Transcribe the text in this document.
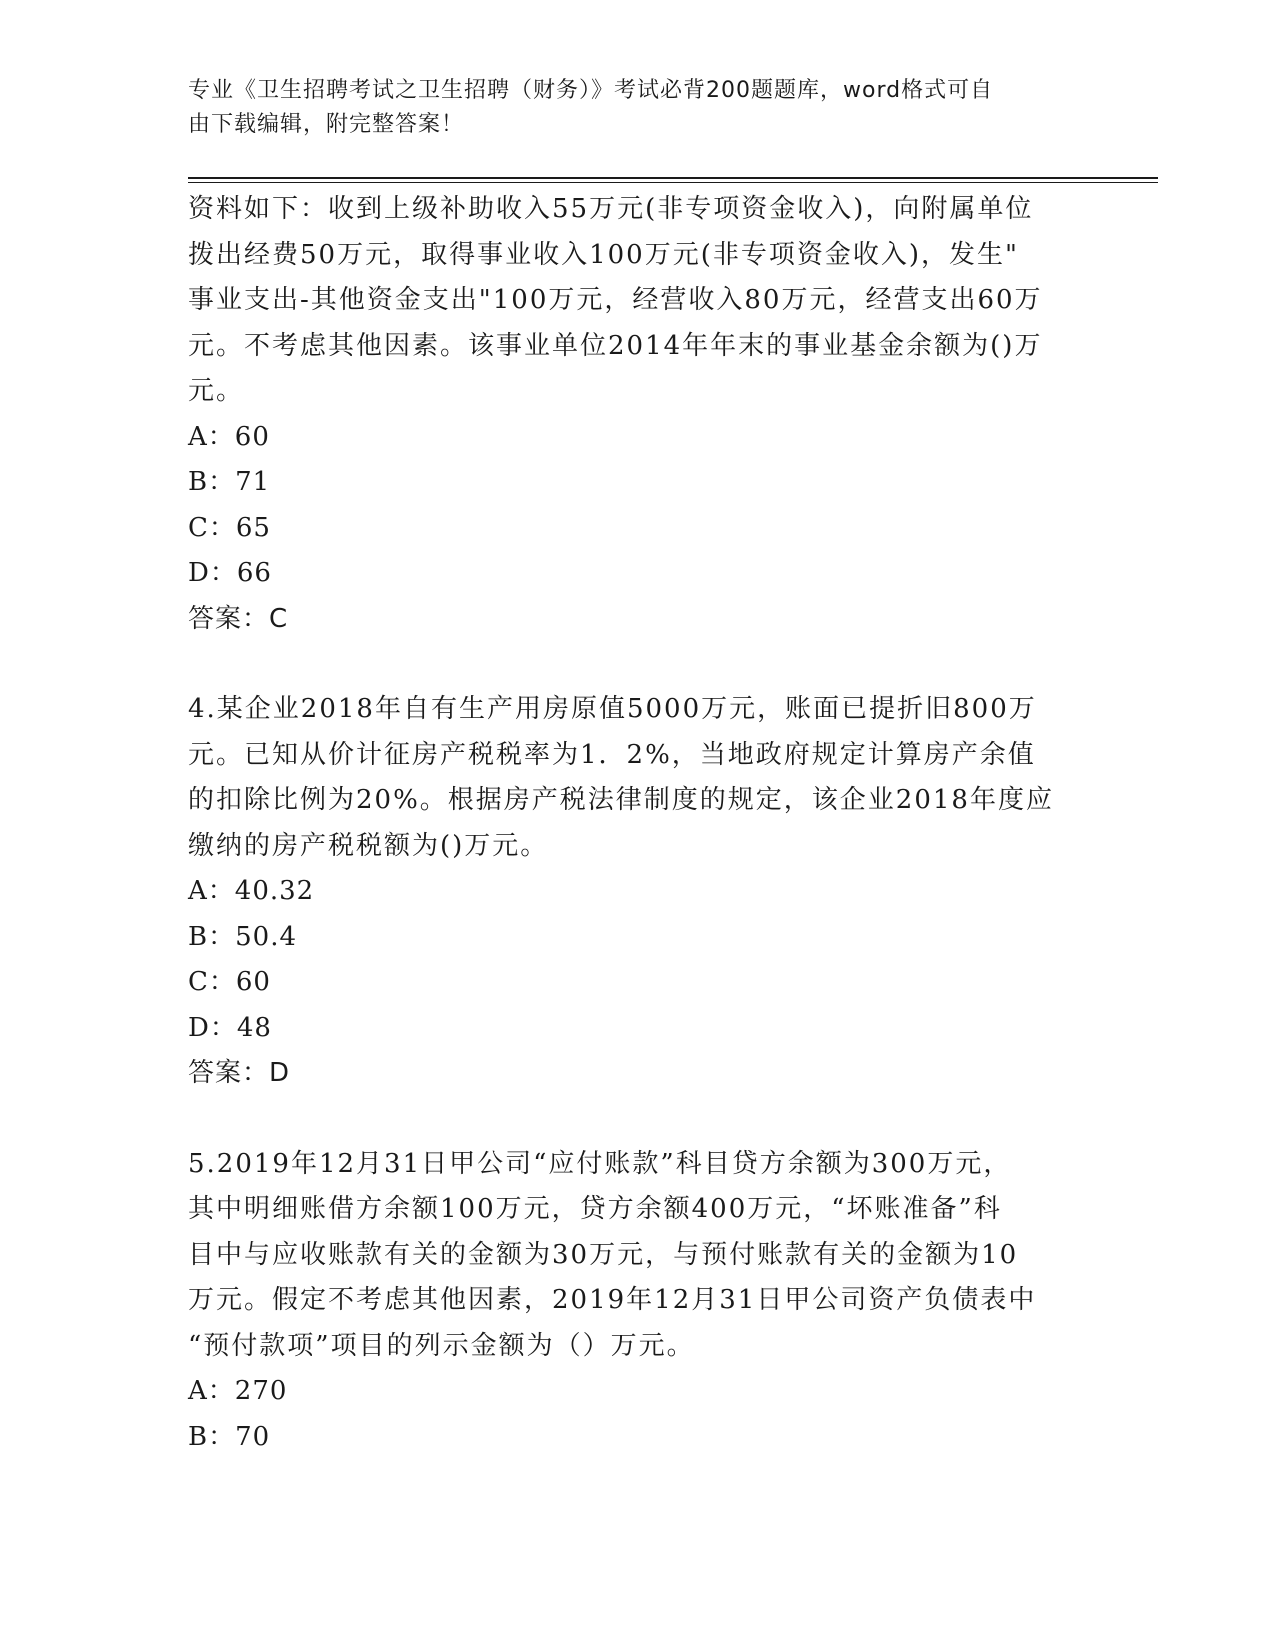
专业《卫生招聘考试之卫生招聘（财务）》考试必背200题题库，word格式可自
由下载编辑，附完整答案！

资料如下：收到上级补助收入55万元(非专项资金收入)，向附属单位

拨出经费50万元，取得事业收入100万元(非专项资金收入)，发生"

事业支出-其他资金支出"100万元，经营收入80万元，经营支出60万

元。不考虑其他因素。该事业单位2014年年末的事业基金余额为()万

元。

A：60

B：71

C：65

D：66

答案：C

4.某企业2018年自有生产用房原值5000万元，账面已提折旧800万

元。已知从价计征房产税税率为1．2%，当地政府规定计算房产余值

的扣除比例为20%。根据房产税法律制度的规定，该企业2018年度应

缴纳的房产税税额为()万元。

A：40.32

B：50.4

C：60

D：48

答案：D

5.2019年12月31日甲公司“应付账款”科目贷方余额为300万元，

其中明细账借方余额100万元，贷方余额400万元，“坏账准备”科

目中与应收账款有关的金额为30万元，与预付账款有关的金额为10

万元。假定不考虑其他因素，2019年12月31日甲公司资产负债表中

“预付款项”项目的列示金额为（）万元。

A：270

B：70
